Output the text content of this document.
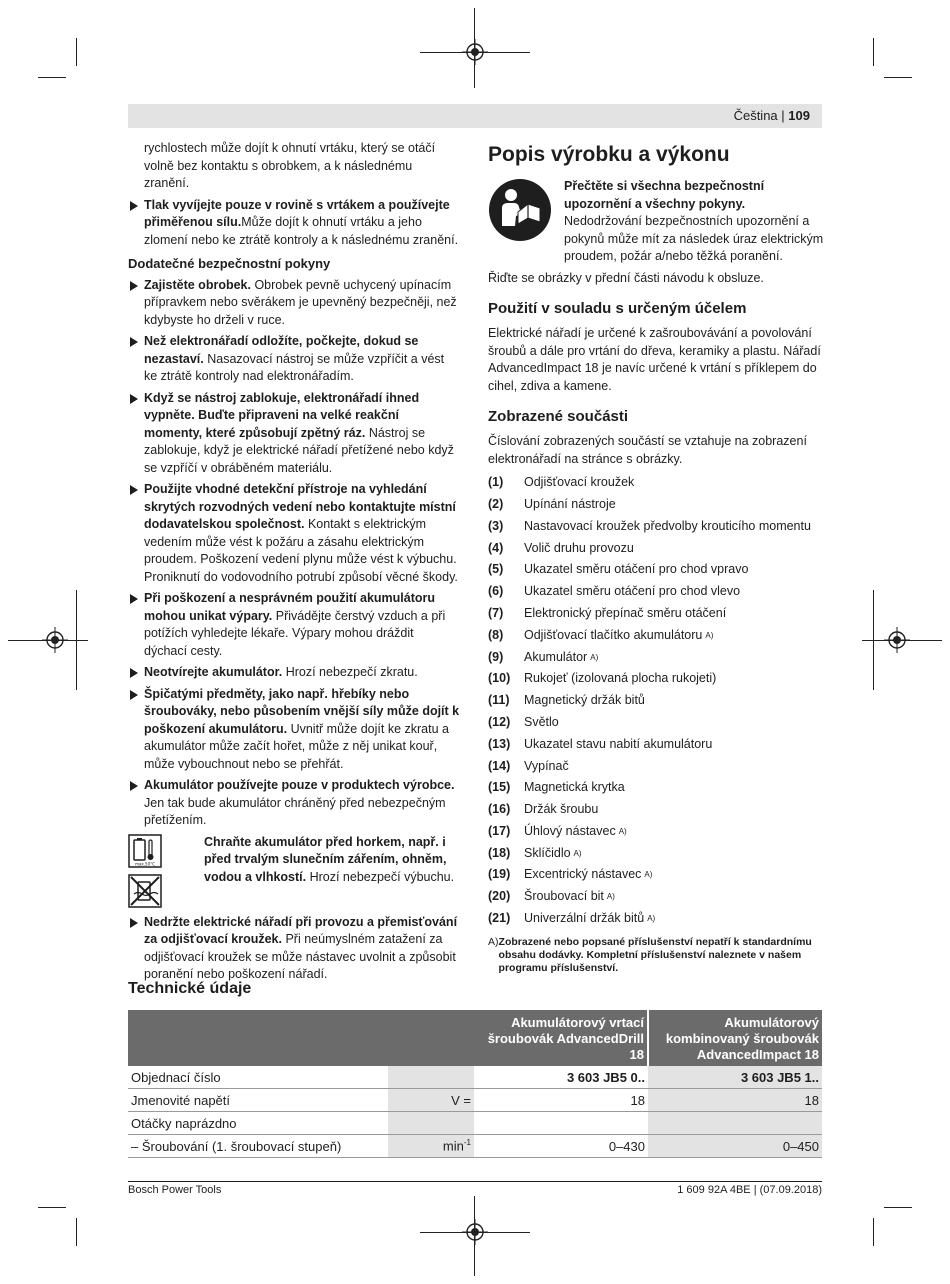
Čeština | 109

rychlostech může dojít k ohnutí vrtáku, který se otáčí volně bez kontaktu s obrobkem, a k následnému zranění.

Tlak vyvíjejte pouze v rovině s vrtákem a používejte přiměřenou sílu.Může dojít k ohnutí vrtáku a jeho zlomení nebo ke ztrátě kontroly a k následnému zranění.
Dodatečné bezpečnostní pokyny
Zajistěte obrobek. Obrobek pevně uchycený upínacím přípravkem nebo svěrákem je upevněný bezpečněji, než kdybyste ho drželi v ruce.
Než elektronářadí odložíte, počkejte, dokud se nezastaví. Nasazovací nástroj se může vzpříčit a vést ke ztrátě kontroly nad elektronářadím.
Když se nástroj zablokuje, elektronářadí ihned vypněte. Buďte připraveni na velké reakční momenty, které způsobují zpětný ráz. Nástroj se zablokuje, když je elektrické nářadí přetížené nebo když se vzpříčí v obráběném materiálu.
Použijte vhodné detekční přístroje na vyhledání skrytých rozvodných vedení nebo kontaktujte místní dodavatelskou společnost. Kontakt s elektrickým vedením může vést k požáru a zásahu elektrickým proudem. Poškození vedení plynu může vést k výbuchu. Proniknutí do vodovodního potrubí způsobí věcné škody.
Při poškození a nesprávném použití akumulátoru mohou unikat výpary. Přivádějte čerstvý vzduch a při potížích vyhledejte lékaře. Výpary mohou dráždit dýchací cesty.
Neotvírejte akumulátor. Hrozí nebezpečí zkratu.
Špičatými předměty, jako např. hřebíky nebo šroubováky, nebo působením vnější síly může dojít k poškození akumulátoru. Uvnitř může dojít ke zkratu a akumulátor může začít hořet, může z něj unikat kouř, může vybouchnout nebo se přehřát.
Akumulátor používejte pouze v produktech výrobce. Jen tak bude akumulátor chráněný před nebezpečným přetížením.
max.50°C
Chraňte akumulátor před horkem, např. i před trvalým slunečním zářením, ohněm, vodou a vlhkostí. Hrozí nebezpečí výbuchu.
Nedržte elektrické nářadí při provozu a přemisťování za odjišťovací kroužek. Při neúmyslném zatažení za odjišťovací kroužek se může nástavec uvolnit a způsobit poranění nebo poškození nářadí.
Popis výrobku a výkonu
Přečtěte si všechna bezpečnostní upozornění a všechny pokyny. Nedodržování bezpečnostních upozornění a pokynů může mít za následek úraz elektrickým proudem, požár a/nebo těžká poranění.

Řiďte se obrázky v přední části návodu k obsluze.

Použití v souladu s určeným účelem

Elektrické nářadí je určené k zašroubovávání a povolování šroubů a dále pro vrtání do dřeva, keramiky a plastu. Nářadí AdvancedImpact 18 je navíc určené k vrtání s příklepem do cihel, zdiva a kamene.

Zobrazené součásti

Číslování zobrazených součástí se vztahuje na zobrazení elektronářadí na stránce s obrázky.

(1)	Odjišťovací kroužek
(2)	Upínání nástroje
(3)	Nastavovací kroužek předvolby krouticího momentu
(4)	Volič druhu provozu
(5)	Ukazatel směru otáčení pro chod vpravo
(6)	Ukazatel směru otáčení pro chod vlevo
(7)	Elektronický přepínač směru otáčení
(8)	Odjišťovací tlačítko akumulátoru A)
(9)	Akumulátor A)
(10)	Rukojeť (izolovaná plocha rukojeti)
(11)	Magnetický držák bitů
(12)	Světlo
(13)	Ukazatel stavu nabití akumulátoru
(14)	Vypínač
(15)	Magnetická krytka
(16)	Držák šroubu
(17)	Úhlový nástavec A)
(18)	Sklíčidlo A)
(19)	Excentrický nástavec A)
(20)	Šroubovací bit A)
(21)	Univerzální držák bitů A)
A) Zobrazené nebo popsané příslušenství nepatří k standardnímu obsahu dodávky. Kompletní příslušenství naleznete v našem programu příslušenství.
Technické údaje
		Akumulátorový vrtací šroubovák AdvancedDrill 18	Akumulátorový kombinovaný šroubovák AdvancedImpact 18
Objednací číslo		3 603 JB5 0..	3 603 JB5 1..
Jmenovité napětí	V =	18	18
Otáčky naprázdno			
– Šroubování (1. šroubovací stupeň)	$\min^{-1}$	0–430	0–450
Bosch Power Tools	1 609 92A 4BE | (07.09.2018)
